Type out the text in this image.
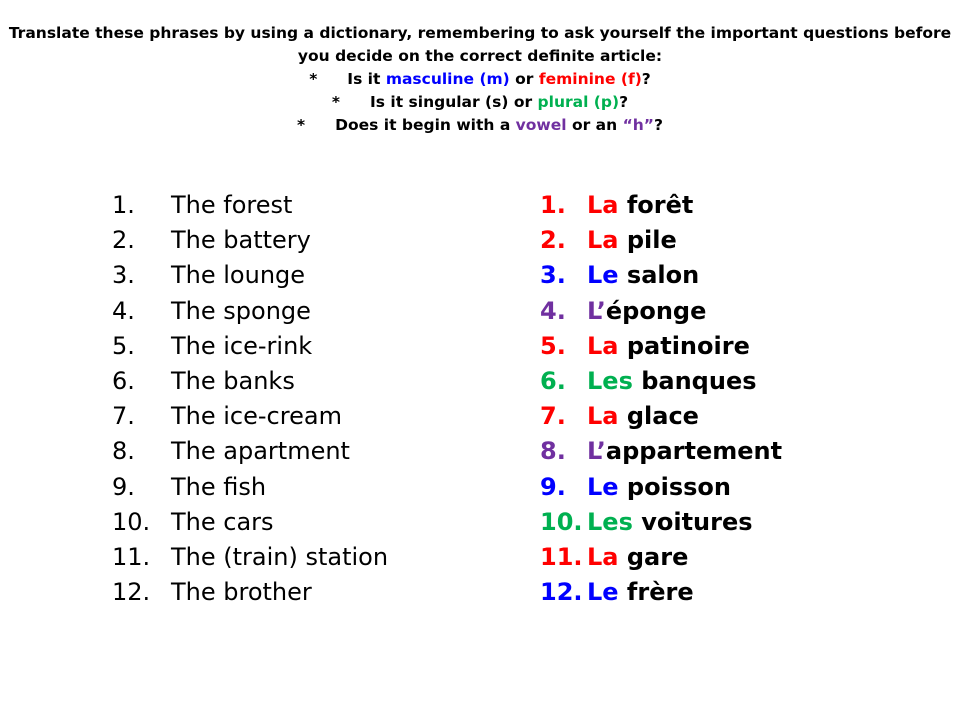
Translate these phrases by using a dictionary, remembering to ask yourself the important questions before
you decide on the correct definite article:
* Is it masculine (m) or feminine (f)?
* Is it singular (s) or plural (p)?
* Does it begin with a vowel or an “h”?
1.	The forest
2.	The battery
3.	The lounge
4.	The sponge
5.	The ice-rink
6.	The banks
7.	The ice-cream
8.	The apartment
9.	The fish
10. The cars
11. The (train) station
12. The brother
1. La forêt
2. La pile
3. Le salon
4. L’éponge
5. La patinoire
6. Les banques
7. La glace
8. L’appartement
9. Le poisson
10. Les voitures
11. La gare
12. Le frère
